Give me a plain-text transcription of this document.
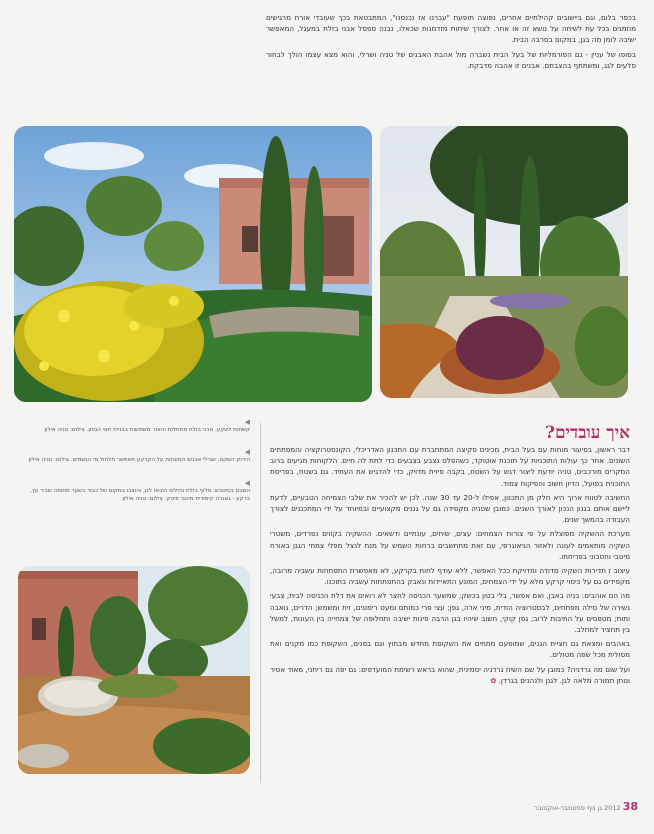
בכפר בלום, וגם ביישובים קהילתיים אחרים, נפוצה תופעת "עברנו אז נכנסנו", המתבטאת בכך שעובדי אורח מרגישים מוזמנים בכל עת לשיחה על נושא זה או אחר. לצורך שיחות מזדמנות שכאלו, נבנה ספסל אבני בזלת במעגל, המאפשר ישיבה לומן מה בגן, במקום בסרבה הבית.

בסופו של עניין - גם הפורמליות של בעל הבית נשברה מול אהבת האבנים של טניה ושרלי, והוא מצא עצמו הולך לבחור סלעים לגג, ומשתתף בהצבתם. אבנים זו אהבה מדבקת.

איך עובדים?

דבר ראשון, בסיעור מוחות עם בעל הבית, מכינים סקיצה המתחברת עם התכנון האדריכלי, הקונסטרוקציה והמפתחים השונים. אחר כך עולות התוכניות על תוכנת אוטוקד, כשהפלט נצבע בצבעים כדי לתת לה חיים. הלקוחות מגיעים ברוב המקרים מורכבים, טניה יודעת ליצור דגש על השטח, בקבה פיזית מדויק, כדי להדגיש את העתיד. גם בשטח, בפריסת התוכנית בפועל, הדיון חשוב והפיקוח צמוד.

החשיבה לטווח ארוך היא חלק מן התכנון, אפילו ל-20 עד 30 שנה. לכן יש להכיר את שלבי הצמיחה הטבעיים, לדעת ליישם אותם בגנון הנכון לאורך השנים. כמובן שטניה מקפידה גם על גננים מקצועיים ובמיוחד על ידי המתכננים לצורך העבודה בהמשך שנים.

מערכת ההשקיה מפוצלת על פי צורות הצמחים: עצים, שיחים, עונתיים ודשאים. ההשקיה בקווים נפרדים, משטרי השקיה מותאמים לעונה ולאזור הגיאוגרפי, עם זאת מתחשבים ברחות השמש על מנת לנצל מפלי צמחי הגנן באורח מיטבי וחסכוני בפריחתו.

עיצוב ז תדירות השקיה מדודה ומדויקת ככל האפשר, ללא עודף לחות בקרקע, לא מאפשרת התפתחות עשביה מרובה, מקפידים גם על כיסוי קרקע מלא על ידי הצמחים, המונע התאיידות ונאבק בהתפתחות עשביה בתוכנו.

מה הם אוהבים: בניה באבן, ואם אפשר, בלי בטון בכשק; שמשער הכניסה לחצר לא רואים את דלת הכניסה לבית; צבעי נשירה של סילה מפתחים, לבסטרוציה הודית, מיני אדה, גפן; עצי פרי כמותם ומעט רימונים, זית ומשמש; הדרים, גואבה ותות; מטפסים על התיבות לרוב; גפן קוקי, חשוב שיהיו בגן הרבה פינות ישיבה ותחלופה של צמחייה בין העונות, למשל בין תחציר למחלב.

באהבים ומצאת גם חציית הגנים, שמופעם מתחים את השקופת מחדש מבחוץ וגם בפנים, השקופת כמו מקנים ואת מסולית מכל שפה מטולים.

ועל שום מה גרדניה? כמובן על שם השיח גרדניה יסמינית, שהוא בראש רשימת המועדפים: גם יפה גם ריחני, מאוד אסיר ונותן תמורה מלאה לגן. לגנן ולנהנים בגרדן. ✿

◀
קשתות לשקע. אבני בזלת מתחלות והאור משמשות בבניית תאי הגינון. צילום: טניה אילון
◀
הירוק השקט, שבילי אבנים המונחות על הקרקע מאפשר חלחול מי הגשמים. צילום: טניה אילון
◀
השבע בטיטבש. סלעי בזלת גדולים הובאו לגן, והוצבו במקום של כבוד בשער מחופה שביר עץ, ברקע - גאגרה קיפודית מיטבי פיטק. צילום: טניה אילון
38 2012 גן נוף ספטמבר-אוקטובר
